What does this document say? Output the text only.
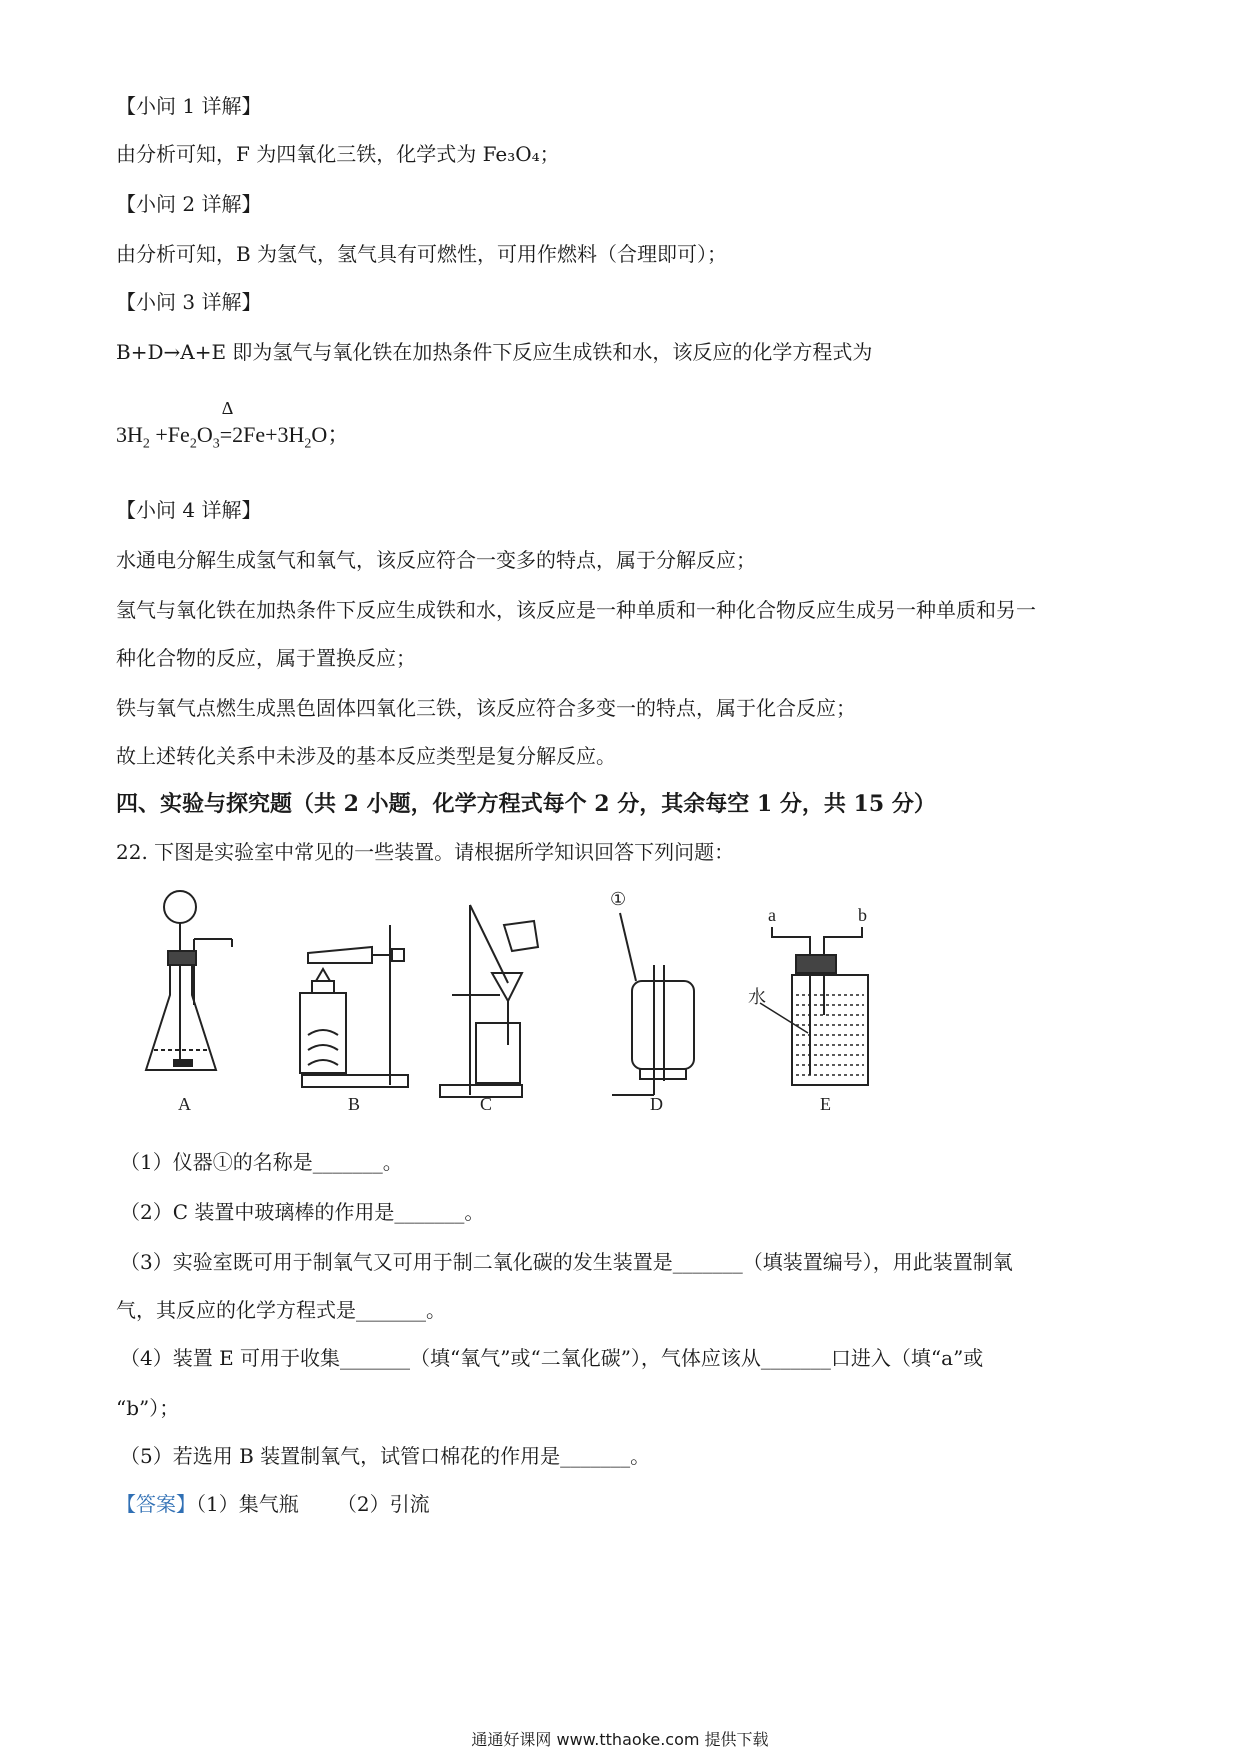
【小问 1 详解】
由分析可知，F 为四氧化三铁，化学式为 Fe₃O₄；
【小问 2 详解】
由分析可知，B 为氢气，氢气具有可燃性，可用作燃料（合理即可）；
【小问 3 详解】
B+D→A+E 即为氢气与氧化铁在加热条件下反应生成铁和水，该反应的化学方程式为
$3H_2 +Fe_2O_3$
Δ
$=2Fe+3H_2O$；
【小问 4 详解】
水通电分解生成氢气和氧气，该反应符合一变多的特点，属于分解反应；
氢气与氧化铁在加热条件下反应生成铁和水，该反应是一种单质和一种化合物反应生成另一种单质和另一
种化合物的反应，属于置换反应；
铁与氧气点燃生成黑色固体四氧化三铁，该反应符合多变一的特点，属于化合反应；
故上述转化关系中未涉及的基本反应类型是复分解反应。
四、实验与探究题（共 2 小题，化学方程式每个 2 分，其余每空 1 分，共 15 分）
22. 下图是实验室中常见的一些装置。请根据所学知识回答下列问题：
A	B	C	D	E
①
a	b
水
（1）仪器①的名称是_______。
（2）C 装置中玻璃棒的作用是_______。
（3）实验室既可用于制氧气又可用于制二氧化碳的发生装置是_______（填装置编号），用此装置制氧
气，其反应的化学方程式是_______。
（4）装置 E 可用于收集_______（填“氧气”或“二氧化碳”），气体应该从_______口进入（填“a”或
“b”）；
（5）若选用 B 装置制氧气，试管口棉花的作用是_______。
【答案】（1）集气瓶      （2）引流
通通好课网 www.tthaoke.com 提供下载
